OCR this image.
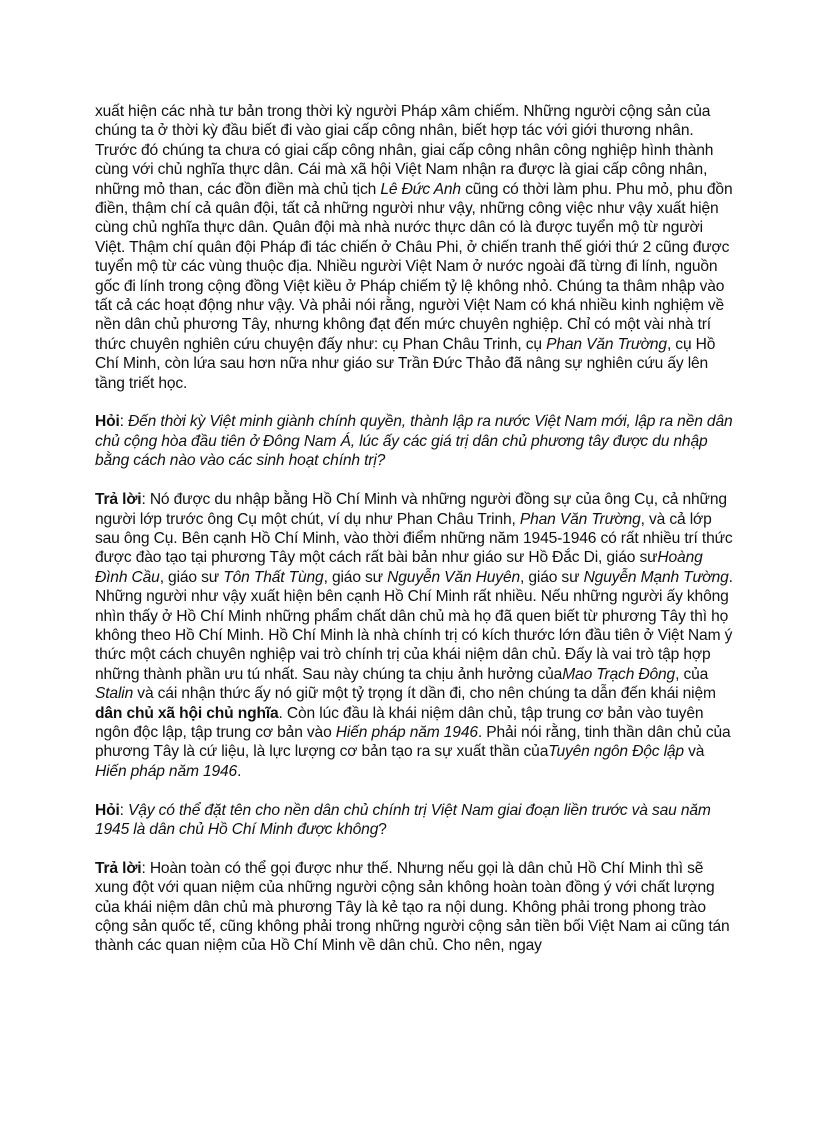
xuất hiện các nhà tư bản trong thời kỳ người Pháp xâm chiếm. Những người cộng sản của chúng ta ở thời kỳ đầu biết đi vào giai cấp công nhân, biết hợp tác với giới thương nhân. Trước đó chúng ta chưa có giai cấp công nhân, giai cấp công nhân công nghiệp hình thành cùng với chủ nghĩa thực dân. Cái mà xã hội Việt Nam nhận ra được là giai cấp công nhân, những mỏ than, các đồn điền mà chủ tịch Lê Đức Anh cũng có thời làm phu. Phu mỏ, phu đồn điền, thậm chí cả quân đội, tất cả những người như vậy, những công việc như vậy xuất hiện cùng chủ nghĩa thực dân. Quân đội mà nhà nước thực dân có là được tuyển mộ từ người Việt. Thậm chí quân đội Pháp đi tác chiến ở Châu Phi, ở chiến tranh thế giới thứ 2 cũng được tuyển mộ từ các vùng thuộc địa. Nhiều người Việt Nam ở nước ngoài đã từng đi lính, nguồn gốc đi lính trong cộng đồng Việt kiều ở Pháp chiếm tỷ lệ không nhỏ. Chúng ta thâm nhập vào tất cả các hoạt động như vậy. Và phải nói rằng, người Việt Nam có khá nhiều kinh nghiệm về nền dân chủ phương Tây, nhưng không đạt đến mức chuyên nghiệp. Chỉ có một vài nhà trí thức chuyên nghiên cứu chuyện đấy như: cụ Phan Châu Trinh, cụ Phan Văn Trường, cụ Hồ Chí Minh, còn lứa sau hơn nữa như giáo sư Trần Đức Thảo đã nâng sự nghiên cứu ấy lên tầng triết học.

Hỏi: Đến thời kỳ Việt minh giành chính quyền, thành lập ra nước Việt Nam mới, lập ra nền dân chủ cộng hòa đầu tiên ở Đông Nam Á, lúc ấy các giá trị dân chủ phương tây được du nhập bằng cách nào vào các sinh hoạt chính trị?

Trả lời: Nó được du nhập bằng Hồ Chí Minh và những người đồng sự của ông Cụ, cả những người lớp trước ông Cụ một chút, ví dụ như Phan Châu Trinh, Phan Văn Trường, và cả lớp sau ông Cụ. Bên cạnh Hồ Chí Minh, vào thời điểm những năm 1945-1946 có rất nhiều trí thức được đào tạo tại phương Tây một cách rất bài bản như giáo sư Hồ Đắc Di, giáo sưHoàng Đình Cầu, giáo sư Tôn Thất Tùng, giáo sư Nguyễn Văn Huyên, giáo sư Nguyễn Mạnh Tường. Những người như vậy xuất hiện bên cạnh Hồ Chí Minh rất nhiều. Nếu những người ấy không nhìn thấy ở Hồ Chí Minh những phẩm chất dân chủ mà họ đã quen biết từ phương Tây thì họ không theo Hồ Chí Minh. Hồ Chí Minh là nhà chính trị có kích thước lớn đầu tiên ở Việt Nam ý thức một cách chuyên nghiệp vai trò chính trị của khái niệm dân chủ. Đấy là vai trò tập hợp những thành phần ưu tú nhất. Sau này chúng ta chịu ảnh hưởng củaMao Trạch Đông, của Stalin và cái nhận thức ấy nó giữ một tỷ trọng ít dần đi, cho nên chúng ta dẫn đến khái niệm dân chủ xã hội chủ nghĩa. Còn lúc đầu là khái niệm dân chủ, tập trung cơ bản vào tuyên ngôn độc lập, tập trung cơ bản vào Hiến pháp năm 1946. Phải nói rằng, tinh thần dân chủ của phương Tây là cứ liệu, là lực lượng cơ bản tạo ra sự xuất thần củaTuyên ngôn Độc lập và Hiến pháp năm 1946.

Hỏi: Vậy có thể đặt tên cho nền dân chủ chính trị Việt Nam giai đoạn liền trước và sau năm 1945 là dân chủ Hồ Chí Minh được không?

Trả lời: Hoàn toàn có thể gọi được như thế. Nhưng nếu gọi là dân chủ Hồ Chí Minh thì sẽ xung đột với quan niệm của những người cộng sản không hoàn toàn đồng ý với chất lượng của khái niệm dân chủ mà phương Tây là kẻ tạo ra nội dung. Không phải trong phong trào cộng sản quốc tế, cũng không phải trong những người cộng sản tiền bối Việt Nam ai cũng tán thành các quan niệm của Hồ Chí Minh về dân chủ. Cho nên, ngay
